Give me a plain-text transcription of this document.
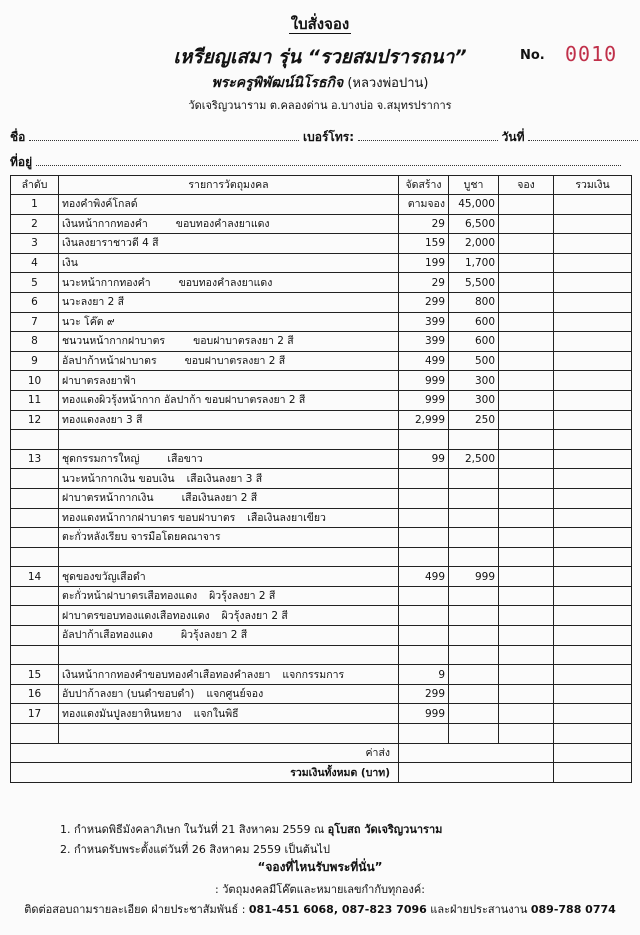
ใบสั่งจอง
เหรียญเสมา รุ่น “รวยสมปรารถนา”
พระครูพิพัฒน์นิโรธกิจ (หลวงพ่อปาน)
วัดเจริญวนาราม ต.คลองด่าน อ.บางบ่อ จ.สมุทรปราการ
No. 0010
ชื่อ	เบอร์โทร:	วันที่
ที่อยู่
ลำดับ	รายการวัตถุมงคล	จัดสร้าง	บูชา	จอง	รวมเงิน
1	ทองคำพิงค์โกลด์	ตามจอง	45,000		
2	เงินหน้ากากทองคำ ขอบทองคำลงยาแดง	29	6,500		
3	เงินลงยาราชาวดี 4 สี	159	2,000		
4	เงิน	199	1,700		
5	นวะหน้ากากทองคำ ขอบทองคำลงยาแดง	29	5,500		
6	นวะลงยา 2 สี	299	800		
7	นวะ โค๊ต ๙	399	600		
8	ชนวนหน้ากากฝาบาตร ขอบฝาบาตรลงยา 2 สี	399	600		
9	อัลปาก้าหน้าฝาบาตร ขอบฝาบาตรลงยา 2 สี	499	500		
10	ฝาบาตรลงยาฟ้า	999	300		
11	ทองแดงผิวรุ้งหน้ากาก อัลปาก้า ขอบฝาบาตรลงยา 2 สี	999	300		
12	ทองแดงลงยา 3 สี	2,999	250		

13	ชุดกรรมการใหญ่ เสือขาว	99	2,500		
	นวะหน้ากากเงิน ขอบเงิน เสือเงินลงยา 3 สี				
	ฝาบาตรหน้ากากเงิน เสือเงินลงยา 2 สี				
	ทองแดงหน้ากากฝาบาตร ขอบฝาบาตร เสือเงินลงยาเขียว				
	ตะกั่วหลังเรียบ จารมือโดยคณาจาร				

14	ชุดของขวัญเสือดำ	499	999		
	ตะกั่วหน้าฝาบาตรเสือทองแดง ผิวรุ้งลงยา 2 สี				
	ฝาบาตรขอบทองแดงเสือทองแดง ผิวรุ้งลงยา 2 สี				
	อัลปาก้าเสือทองแดง ผิวรุ้งลงยา 2 สี				

15	เงินหน้ากากทองคำขอบทองคำเสือทองคำลงยา แจกกรรมการ	9			
16	อับปาก้าลงยา (บนดำขอบดำ) แจกศูนย์จอง	299			
17	ทองแดงมันปูลงยาหินหยาง แจกในพิธี	999			

ค่าส่ง					
รวมเงินทั้งหมด (บาท)					
1. กำหนดพิธีมังคลาภิเษก ในวันที่ 21 สิงหาคม 2559 ณ อุโบสถ วัดเจริญวนาราม
2. กำหนดรับพระตั้งแต่วันที่ 26 สิงหาคม 2559 เป็นต้นไป
“จองที่ไหนรับพระที่นั่น”
: วัตถุมงคลมีโค๊ตและหมายเลขกำกับทุกองค์:
ติดต่อสอบถามรายละเอียด ฝ่ายประชาสัมพันธ์ : 081-451 6068, 087-823 7096 และฝ่ายประสานงาน 089-788 0774
